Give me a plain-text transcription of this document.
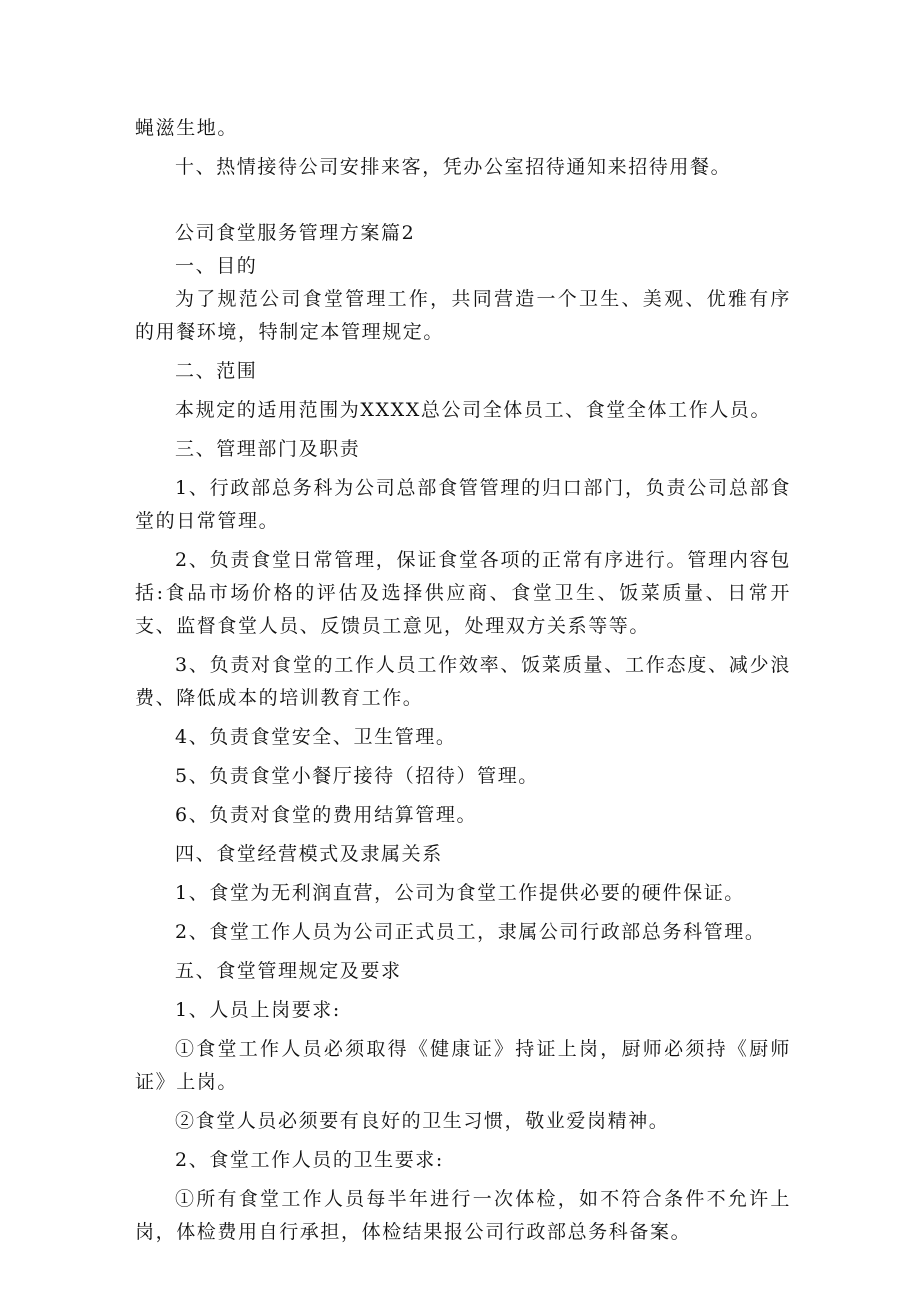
蝇滋生地。

十、热情接待公司安排来客，凭办公室招待通知来招待用餐。

公司食堂服务管理方案篇2

一、目的

为了规范公司食堂管理工作，共同营造一个卫生、美观、优雅有序的用餐环境，特制定本管理规定。

二、范围

本规定的适用范围为XXXX总公司全体员工、食堂全体工作人员。

三、管理部门及职责

1、行政部总务科为公司总部食管管理的归口部门，负责公司总部食堂的日常管理。

2、负责食堂日常管理，保证食堂各项的正常有序进行。管理内容包括:食品市场价格的评估及选择供应商、食堂卫生、饭菜质量、日常开支、监督食堂人员、反馈员工意见，处理双方关系等等。

3、负责对食堂的工作人员工作效率、饭菜质量、工作态度、减少浪费、降低成本的培训教育工作。

4、负责食堂安全、卫生管理。

5、负责食堂小餐厅接待（招待）管理。

6、负责对食堂的费用结算管理。

四、食堂经营模式及隶属关系

1、食堂为无利润直营，公司为食堂工作提供必要的硬件保证。

2、食堂工作人员为公司正式员工，隶属公司行政部总务科管理。

五、食堂管理规定及要求

1、人员上岗要求:

①食堂工作人员必须取得《健康证》持证上岗，厨师必须持《厨师证》上岗。

②食堂人员必须要有良好的卫生习惯，敬业爱岗精神。

2、食堂工作人员的卫生要求:

①所有食堂工作人员每半年进行一次体检，如不符合条件不允许上岗，体检费用自行承担，体检结果报公司行政部总务科备案。
